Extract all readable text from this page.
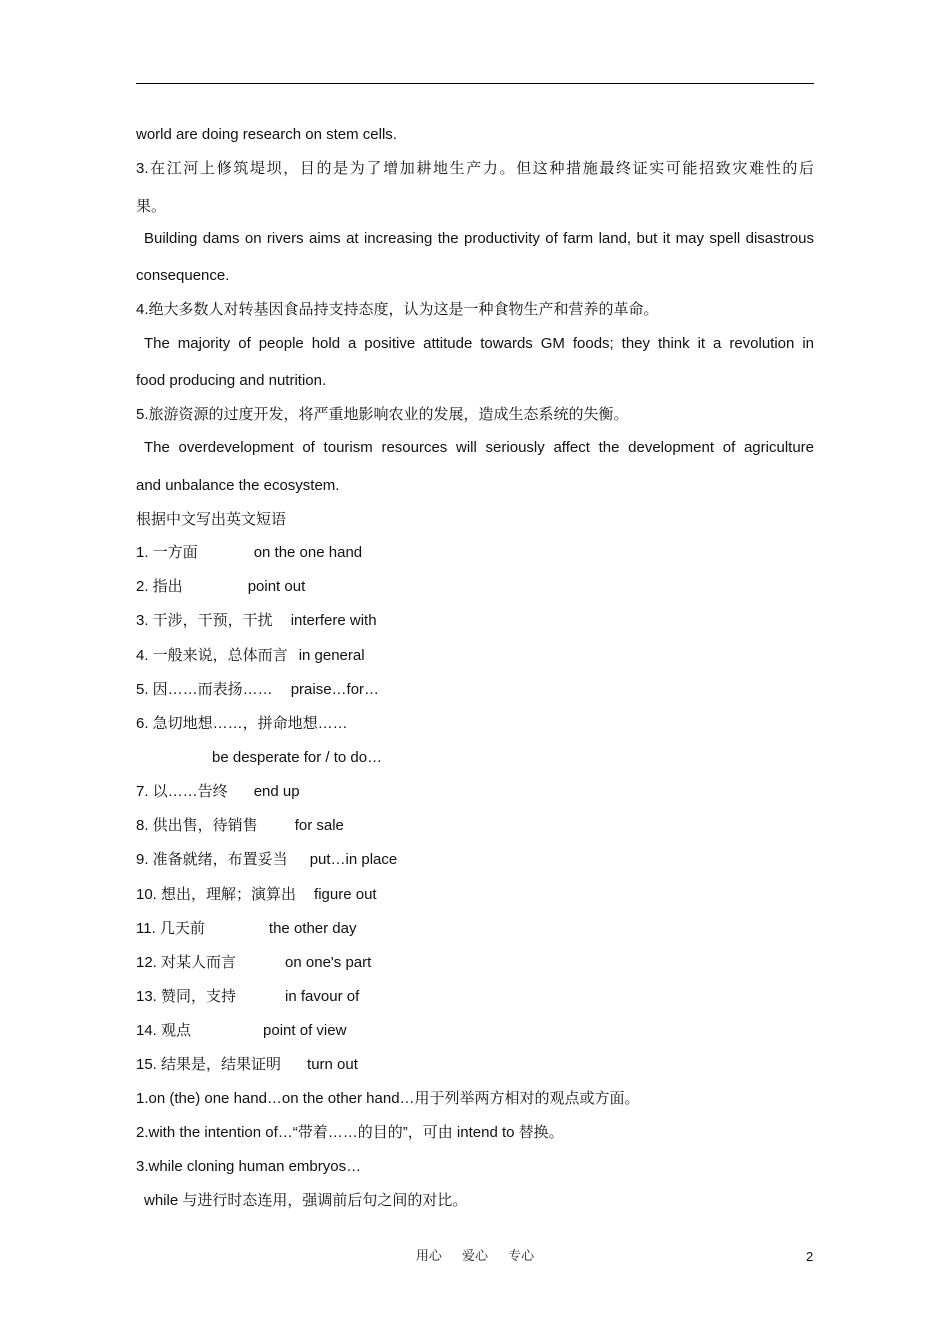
world are doing research on stem cells.
3.在江河上修筑堤坝，目的是为了增加耕地生产力。但这种措施最终证实可能招致灾难性的后
果。
Building dams on rivers aims at increasing the productivity of farm land, but it may spell disastrous
consequence.
4.绝大多数人对转基因食品持支持态度，认为这是一种食物生产和营养的革命。
The majority of people hold a positive attitude towards GM foods; they think it a revolution in
food producing and nutrition.
5.旅游资源的过度开发，将严重地影响农业的发展，造成生态系统的失衡。
The overdevelopment of tourism resources will seriously affect the development of agriculture
and unbalance the ecosystem.
根据中文写出英文短语
1. 一方面	on the one hand
2. 指出	point out
3. 干涉，干预，干扰 interfere with
4. 一般来说，总体而言 in general
5. 因……而表扬…… praise…for…
6. 急切地想……，拼命地想……
be desperate for / to do…
7. 以……告终 end up
8. 供出售，待销售 for sale
9. 准备就绪，布置妥当 put…in place
10. 想出，理解；演算出 figure out
11. 几天前	the other day
12. 对某人而言	on one's part
13. 赞同，支持	in favour of
14. 观点	point of view
15. 结果是，结果证明 turn out
1.on (the) one hand…on the other hand…用于列举两方相对的观点或方面。
2.with the intention of…“带着……的目的”，可由 intend to 替换。
3.while cloning human embryos…
while 与进行时态连用，强调前后句之间的对比。
用心 爱心 专心	2
